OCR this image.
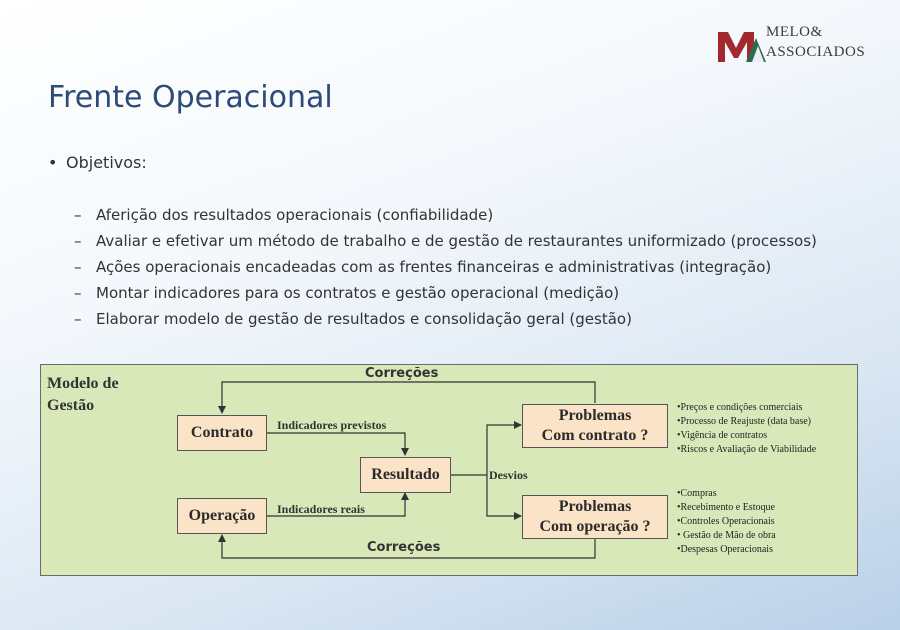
MELO&
ASSOCIADOS
Frente Operacional
• Objetivos:
– Aferição dos resultados operacionais (confiabilidade)
– Avaliar e efetivar um método de trabalho e de gestão de restaurantes uniformizado (processos)
– Ações operacionais encadeadas com as frentes financeiras e administrativas (integração)
– Montar indicadores para os contratos e gestão operacional (medição)
– Elaborar modelo de gestão de resultados e consolidação geral (gestão)
Modelo de
Gestão
Correções
Correções
Contrato
Operação
Resultado
Problemas
Com contrato ?
Problemas
Com operação ?
Indicadores previstos
Indicadores reais
Desvios
•Preços e condições comerciais
•Processo de Reajuste (data base)
•Vigência de contratos
•Riscos e Avaliação de Viabilidade
•Compras
•Recebimento e Estoque
•Controles Operacionais
• Gestão de Mão de obra
•Despesas Operacionais
